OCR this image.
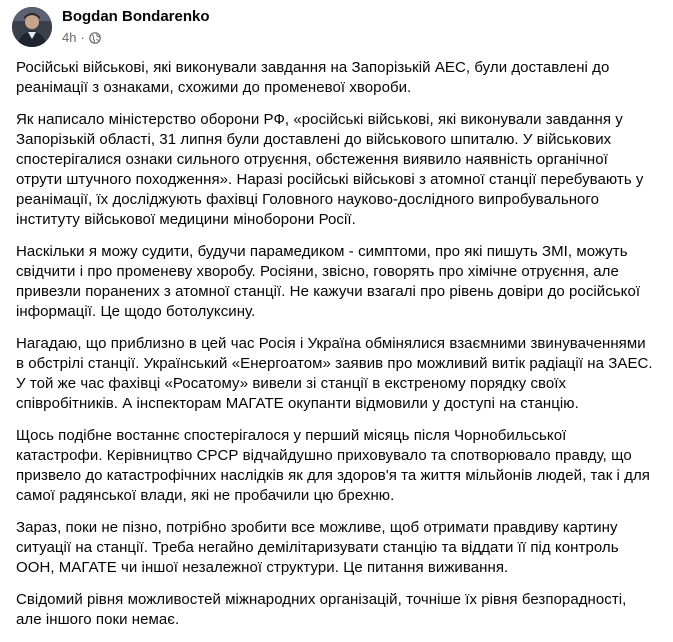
Bogdan Bondarenko
4h ·

Російські військові, які виконували завдання на Запорізькій АЕС, були доставлені до реанімації з ознаками, схожими до променевої хвороби.

Як написало міністерство оборони РФ, «російські військові, які виконували завдання у Запорізькій області, 31 липня були доставлені до військового шпиталю. У військових спостерігалися ознаки сильного отруєння, обстеження виявило наявність органічної отрути штучного походження». Наразі російські військові з атомної станції перебувають у реанімації, їх досліджують фахівці Головного науково-дослідного випробувального інституту військової медицини міноборони Росії.

Наскільки я можу судити, будучи парамедиком - симптоми, про які пишуть ЗМІ, можуть свідчити і про променеву хворобу. Росіяни, звісно, говорять про хімічне отруєння, але привезли поранених з атомної станції. Не кажучи взагалі про рівень довіри до російської інформації. Це щодо ботолуксину.

Нагадаю, що приблизно в цей час Росія і Україна обмінялися взаємними звинуваченнями в обстрілі станції. Український «Енергоатом» заявив про можливий витік радіації на ЗАЕС. У той же час фахівці «Росатому» вивели зі станції в екстреному порядку своїх співробітників. А інспекторам МАГАТЕ окупанти відмовили у доступі на станцію.

Щось подібне востаннє спостерігалося у перший місяць після Чорнобильської катастрофи. Керівництво СРСР відчайдушно приховувало та спотворювало правду, що призвело до катастрофічних наслідків як для здоров'я та життя мільйонів людей, так і для самої радянської влади, які не пробачили цю брехню.

Зараз, поки не пізно, потрібно зробити все можливе, щоб отримати правдиву картину ситуації на станції. Треба негайно демілітаризувати станцію та віддати її під контроль ООН, МАГАТЕ чи іншої незалежної структури. Це питання виживання.

Свідомий рівня можливостей міжнародних організацій, точніше їх рівня безпорадності, але іншого поки немає.
